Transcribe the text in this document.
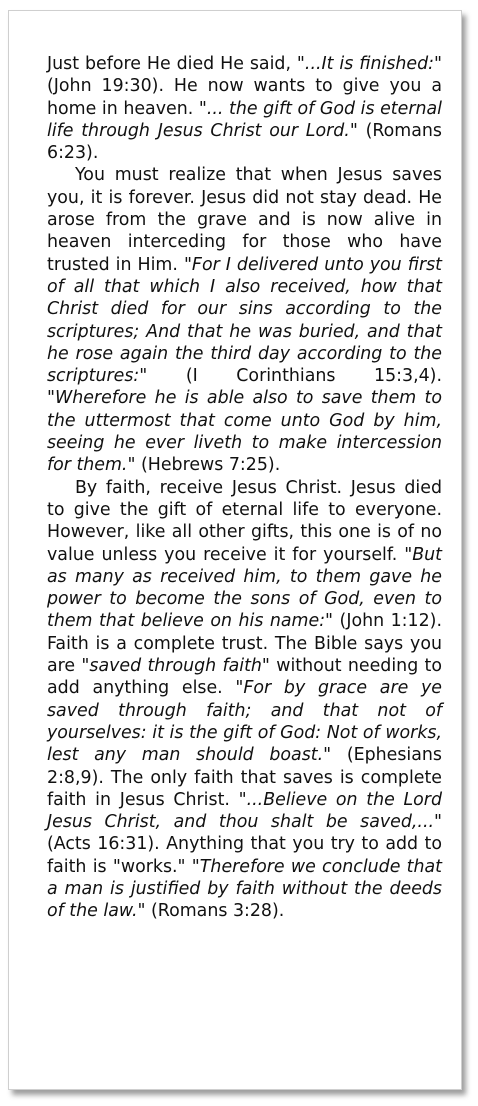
Just before He died He said, "...It is finished:" (John 19:30). He now wants to give you a home in heaven. "... the gift of God is eternal life through Jesus Christ our Lord." (Romans 6:23).

You must realize that when Jesus saves you, it is forever. Jesus did not stay dead. He arose from the grave and is now alive in heaven interceding for those who have trusted in Him. "For I delivered unto you first of all that which I also received, how that Christ died for our sins according to the scriptures; And that he was buried, and that he rose again the third day according to the scriptures:" (I Corinthians 15:3,4). "Wherefore he is able also to save them to the uttermost that come unto God by him, seeing he ever liveth to make intercession for them." (Hebrews 7:25).

By faith, receive Jesus Christ. Jesus died to give the gift of eternal life to everyone. However, like all other gifts, this one is of no value unless you receive it for yourself. "But as many as received him, to them gave he power to become the sons of God, even to them that believe on his name:" (John 1:12). Faith is a complete trust. The Bible says you are "saved through faith" without needing to add anything else. "For by grace are ye saved through faith; and that not of yourselves: it is the gift of God: Not of works, lest any man should boast." (Ephesians 2:8,9). The only faith that saves is complete faith in Jesus Christ. "...Believe on the Lord Jesus Christ, and thou shalt be saved,..." (Acts 16:31). Anything that you try to add to faith is "works." "Therefore we conclude that a man is justified by faith without the deeds of the law." (Romans 3:28).
